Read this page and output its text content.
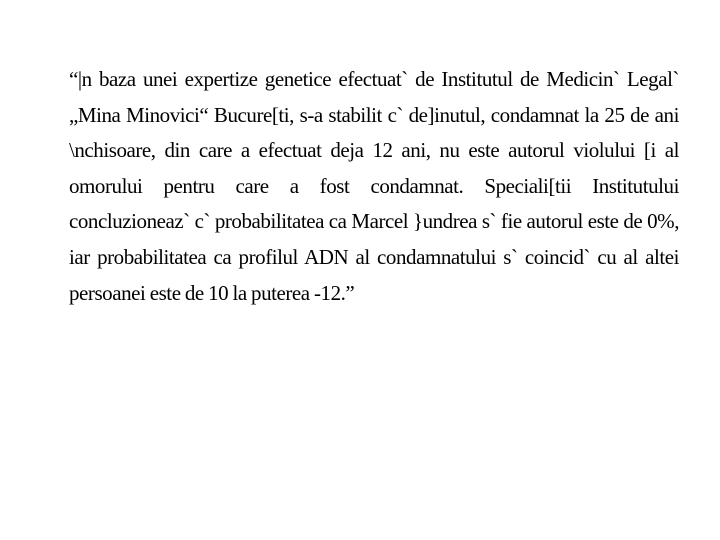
“|n baza unei expertize genetice efectuat` de Institutul de Medicin` Legal` „Mina Minovici“ Bucure[ti, s-a stabilit c` de]inutul, condamnat la 25 de ani \nchisoare, din care a efectuat deja 12 ani, nu este autorul violului [i al omorului pentru care a fost condamnat. Speciali[tii Institutului concluzioneaz` c` probabilitatea ca Marcel }undrea s` fie autorul este de 0%, iar probabilitatea ca profilul ADN al condamnatului s` coincid` cu al altei persoanei este de 10 la puterea -12.”
